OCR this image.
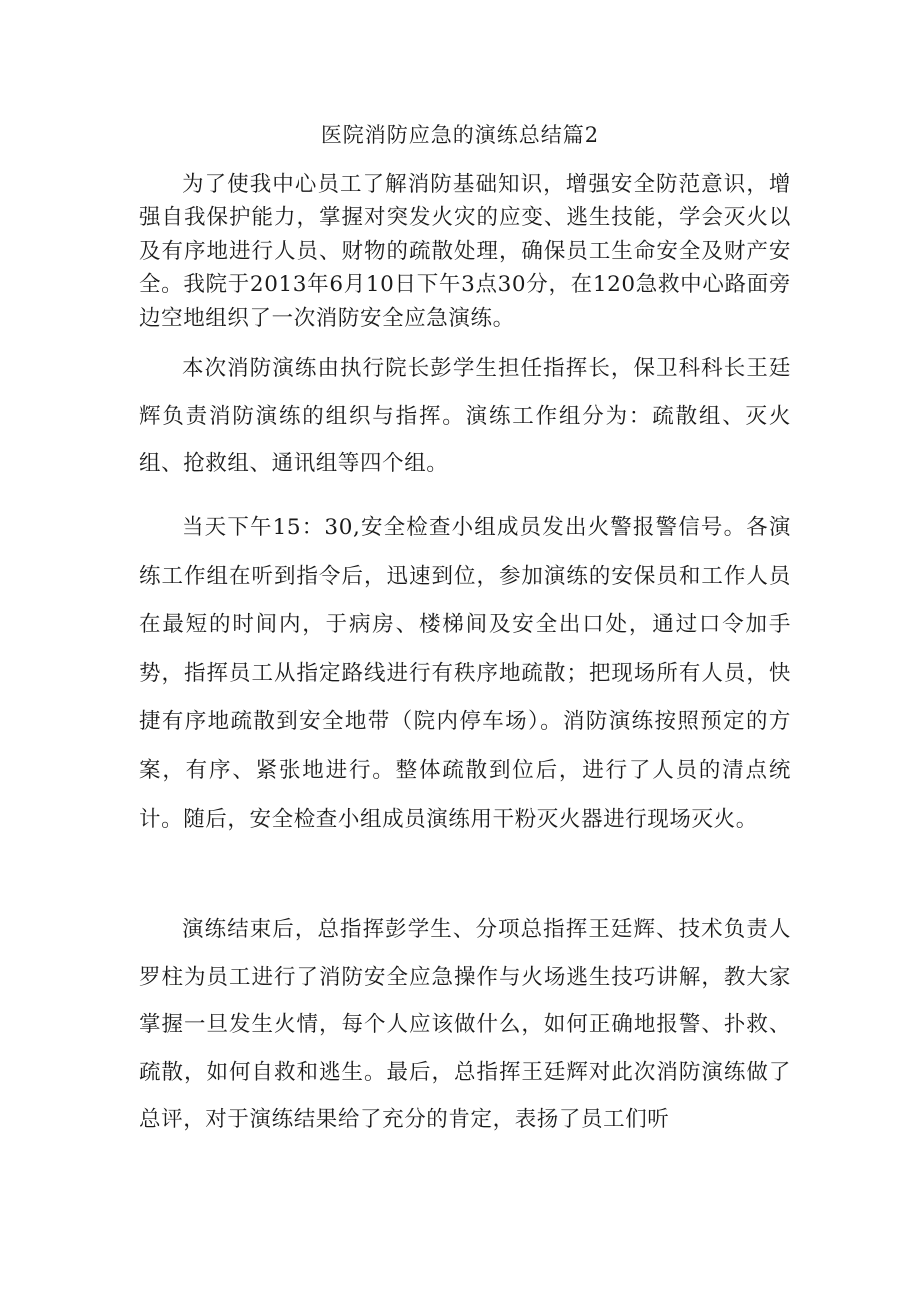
医院消防应急的演练总结篇2

为了使我中心员工了解消防基础知识，增强安全防范意识，增强自我保护能力，掌握对突发火灾的应变、逃生技能，学会灭火以及有序地进行人员、财物的疏散处理，确保员工生命安全及财产安全。我院于2013年6月10日下午3点30分，在120急救中心路面旁边空地组织了一次消防安全应急演练。

本次消防演练由执行院长彭学生担任指挥长，保卫科科长王廷辉负责消防演练的组织与指挥。演练工作组分为：疏散组、灭火组、抢救组、通讯组等四个组。

当天下午15：30,安全检查小组成员发出火警报警信号。各演练工作组在听到指令后，迅速到位，参加演练的安保员和工作人员在最短的时间内，于病房、楼梯间及安全出口处，通过口令加手势，指挥员工从指定路线进行有秩序地疏散；把现场所有人员，快捷有序地疏散到安全地带（院内停车场）。消防演练按照预定的方案，有序、紧张地进行。整体疏散到位后，进行了人员的清点统计。随后，安全检查小组成员演练用干粉灭火器进行现场灭火。

演练结束后，总指挥彭学生、分项总指挥王廷辉、技术负责人罗柱为员工进行了消防安全应急操作与火场逃生技巧讲解，教大家掌握一旦发生火情，每个人应该做什么，如何正确地报警、扑救、疏散，如何自救和逃生。最后，总指挥王廷辉对此次消防演练做了总评，对于演练结果给了充分的肯定，表扬了员工们听
